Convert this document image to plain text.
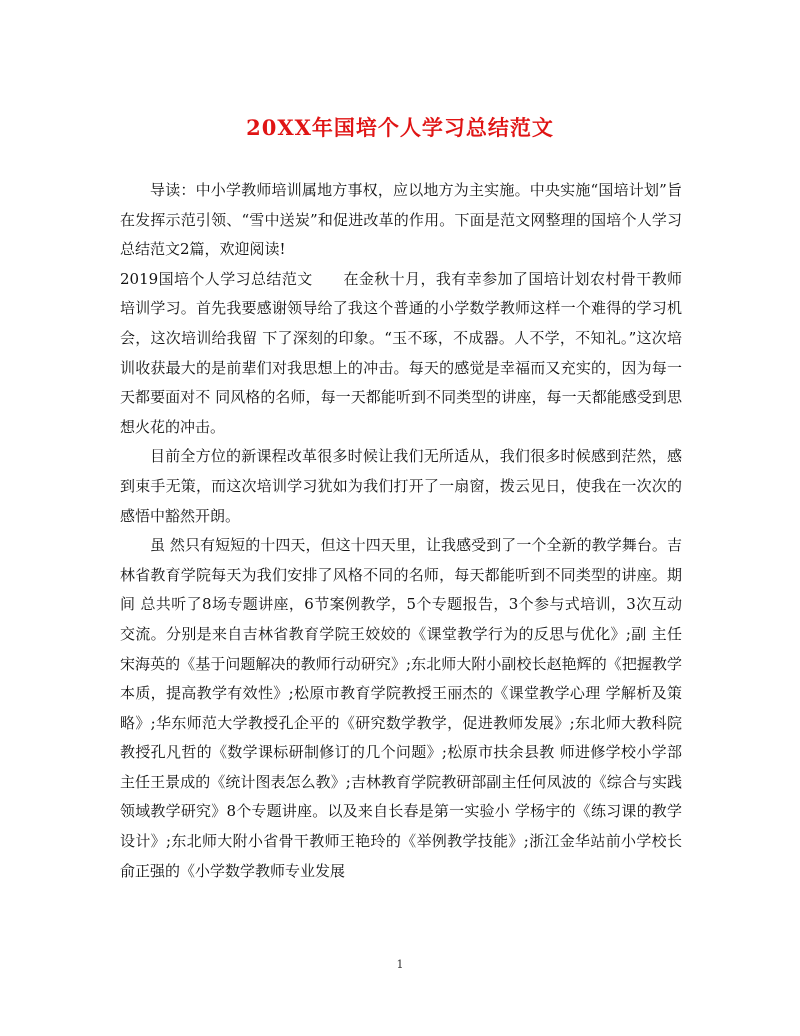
20XX年国培个人学习总结范文

导读：中小学教师培训属地方事权，应以地方为主实施。中央实施“国培计划”旨在发挥示范引领、“雪中送炭”和促进改革的作用。下面是范文网整理的国培个人学习总结范文2篇，欢迎阅读!

2019国培个人学习总结范文　　在金秋十月，我有幸参加了国培计划农村骨干教师培训学习。首先我要感谢领导给了我这个普通的小学数学教师这样一个难得的学习机会，这次培训给我留 下了深刻的印象。“玉不琢，不成器。人不学，不知礼。”这次培训收获最大的是前辈们对我思想上的冲击。每天的感觉是幸福而又充实的，因为每一天都要面对不 同风格的名师，每一天都能听到不同类型的讲座，每一天都能感受到思想火花的冲击。

目前全方位的新课程改革很多时候让我们无所适从，我们很多时候感到茫然，感到束手无策，而这次培训学习犹如为我们打开了一扇窗，拨云见日，使我在一次次的感悟中豁然开朗。

虽 然只有短短的十四天，但这十四天里，让我感受到了一个全新的教学舞台。吉林省教育学院每天为我们安排了风格不同的名师，每天都能听到不同类型的讲座。期间 总共听了8场专题讲座，6节案例教学，5个专题报告，3个参与式培训，3次互动交流。分别是来自吉林省教育学院王姣姣的《课堂教学行为的反思与优化》;副 主任宋海英的《基于问题解决的教师行动研究》;东北师大附小副校长赵艳辉的《把握教学本质，提高教学有效性》;松原市教育学院教授王丽杰的《课堂教学心理 学解析及策略》;华东师范大学教授孔企平的《研究数学教学，促进教师发展》;东北师大教科院教授孔凡哲的《数学课标研制修订的几个问题》;松原市扶余县教 师进修学校小学部主任王景成的《统计图表怎么教》;吉林教育学院教研部副主任何凤波的《综合与实践领域教学研究》8个专题讲座。以及来自长春是第一实验小 学杨宇的《练习课的教学设计》;东北师大附小省骨干教师王艳玲的《举例教学技能》;浙江金华站前小学校长俞正强的《小学数学教师专业发展

1
